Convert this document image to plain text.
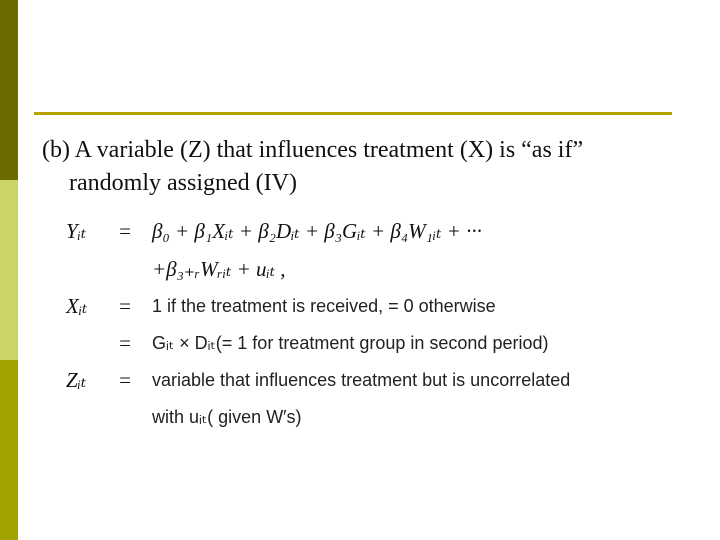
(b) A variable (Z) that influences treatment (X) is “as if”
randomly assigned (IV)
Yᵢₜ	= β₀ + β₁Xᵢₜ + β₂Dᵢₜ + β₃Gᵢₜ + β₄W₁ᵢₜ + ···
+β₃₊ᵣWᵣᵢₜ + uᵢₜ ,
Xᵢₜ	= 1 if the treatment is received, = 0 otherwise
= Gᵢₜ × Dᵢₜ(= 1 for treatment group in second period)
Zᵢₜ	= variable that influences treatment but is uncorrelated
with uᵢₜ( given W′s)
